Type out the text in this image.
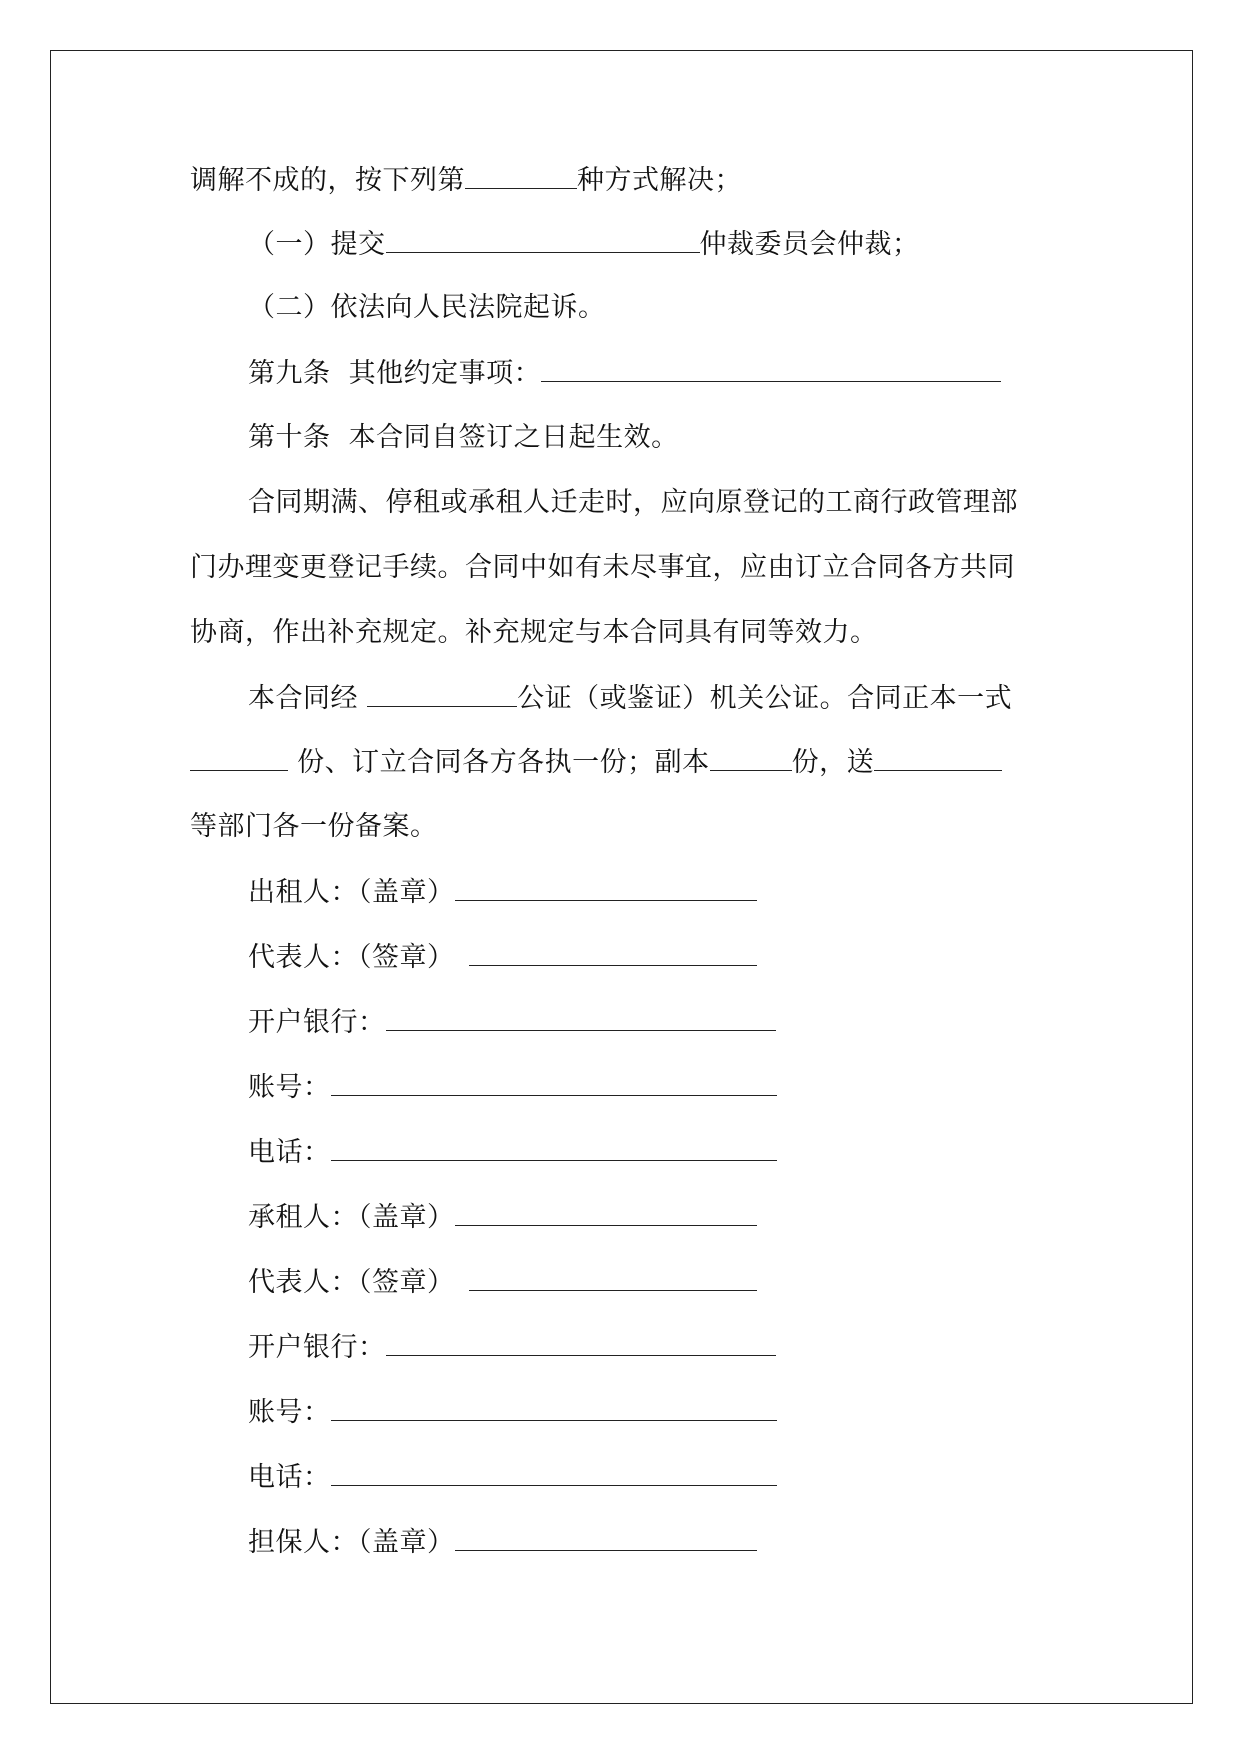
调解不成的，按下列第	种方式解决；
（一）提交	仲裁委员会仲裁；
（二）依法向人民法院起诉。
第九条  其他约定事项：
第十条  本合同自签订之日起生效。
合同期满、停租或承租人迁走时，应向原登记的工商行政管理部
门办理变更登记手续。合同中如有未尽事宜，应由订立合同各方共同
协商，作出补充规定。补充规定与本合同具有同等效力。
本合同经	公证（或鉴证）机关公证。合同正本一式
份、订立合同各方各执一份；副本	份，送
等部门各一份备案。
出租人：（盖章）
代表人：（签章）
开户银行：
账号：
电话：
承租人：（盖章）
代表人：（签章）
开户银行：
账号：
电话：
担保人：（盖章）
